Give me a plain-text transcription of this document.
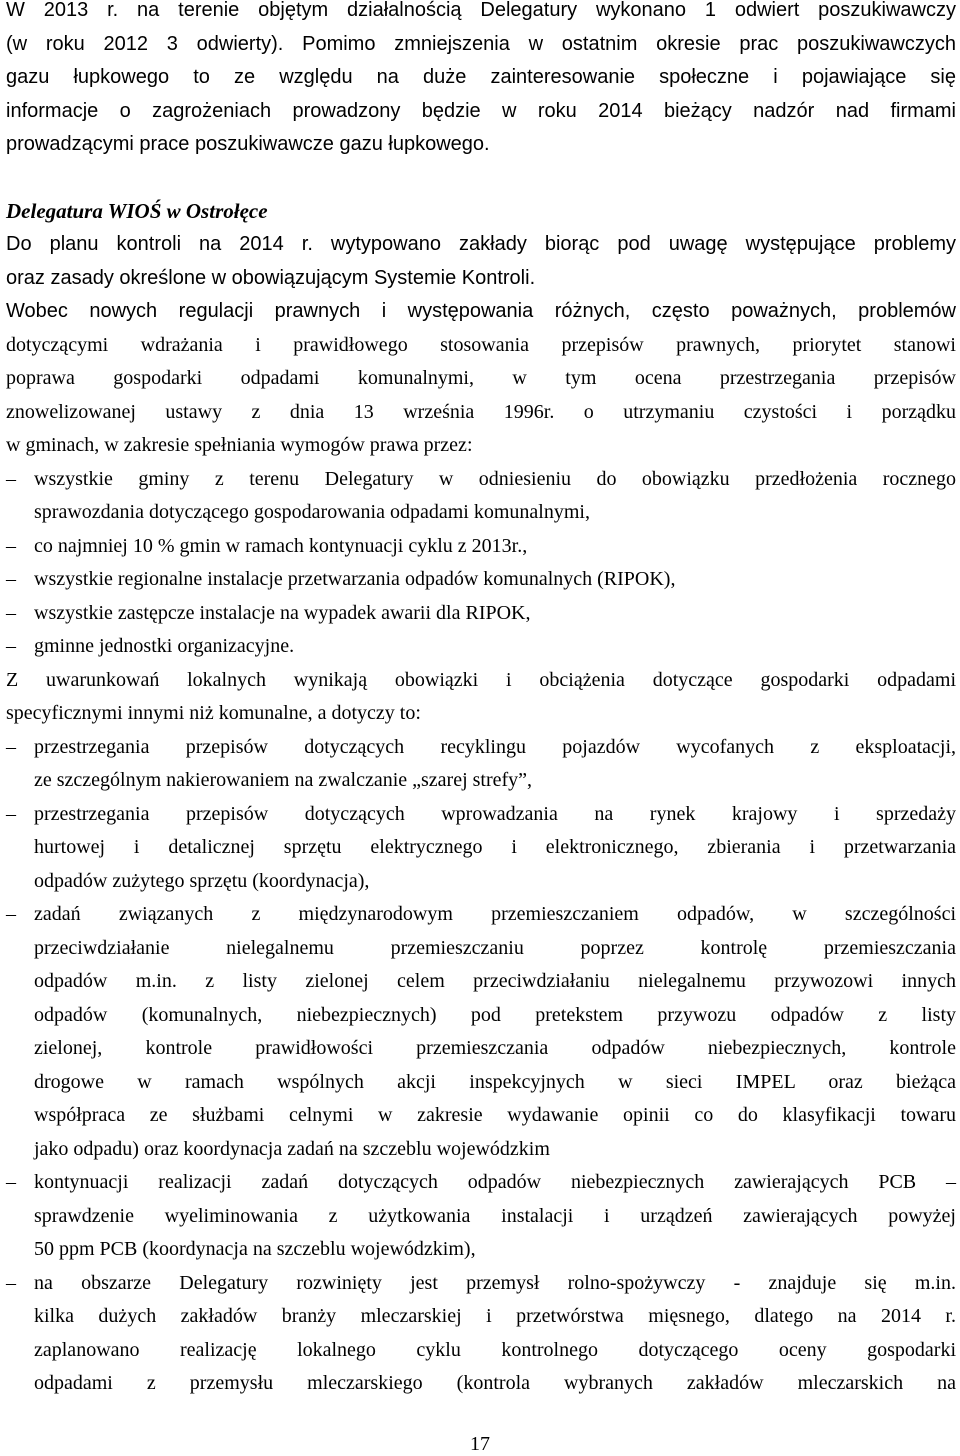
W 2013 r. na terenie objętym działalnością Delegatury wykonano 1 odwiert poszukiwawczy
(w roku 2012 3 odwierty). Pomimo zmniejszenia w ostatnim okresie prac poszukiwawczych
gazu łupkowego to ze względu na duże zainteresowanie społeczne i pojawiające się
informacje o zagrożeniach prowadzony będzie w roku 2014 bieżący nadzór nad firmami
prowadzącymi prace poszukiwawcze gazu łupkowego.
Delegatura WIOŚ w Ostrołęce
Do planu kontroli na 2014 r. wytypowano zakłady biorąc pod uwagę występujące problemy
oraz zasady określone w obowiązującym Systemie Kontroli.
Wobec nowych regulacji prawnych i występowania różnych, często poważnych, problemów
dotyczącymi wdrażania i prawidłowego stosowania przepisów prawnych, priorytet stanowi
poprawa gospodarki odpadami komunalnymi, w tym ocena przestrzegania przepisów
znowelizowanej ustawy z dnia 13 września 1996r. o utrzymaniu czystości i porządku
w gminach, w zakresie spełniania wymogów prawa przez:
– wszystkie gminy z terenu Delegatury w odniesieniu do obowiązku przedłożenia rocznego
sprawozdania dotyczącego gospodarowania odpadami komunalnymi,
– co najmniej 10 % gmin w ramach kontynuacji cyklu z 2013r.,
– wszystkie regionalne instalacje przetwarzania odpadów komunalnych (RIPOK),
– wszystkie zastępcze instalacje na wypadek awarii dla RIPOK,
– gminne jednostki organizacyjne.
Z uwarunkowań lokalnych wynikają obowiązki i obciążenia dotyczące gospodarki odpadami
specyficznymi innymi niż komunalne, a dotyczy to:
– przestrzegania przepisów dotyczących recyklingu pojazdów wycofanych z eksploatacji,
ze szczególnym nakierowaniem na zwalczanie „szarej strefy”,
– przestrzegania przepisów dotyczących wprowadzania na rynek krajowy i sprzedaży
hurtowej i detalicznej sprzętu elektrycznego i elektronicznego, zbierania i przetwarzania
odpadów zużytego sprzętu (koordynacja),
– zadań związanych z międzynarodowym przemieszczaniem odpadów, w szczególności
przeciwdziałanie nielegalnemu przemieszczaniu poprzez kontrolę przemieszczania
odpadów m.in. z listy zielonej celem przeciwdziałaniu nielegalnemu przywozowi innych
odpadów (komunalnych, niebezpiecznych) pod pretekstem przywozu odpadów z listy
zielonej, kontrole prawidłowości przemieszczania odpadów niebezpiecznych, kontrole
drogowe w ramach wspólnych akcji inspekcyjnych w sieci IMPEL oraz bieżąca
współpraca ze służbami celnymi w zakresie wydawanie opinii co do klasyfikacji towaru
jako odpadu) oraz koordynacja zadań na szczeblu wojewódzkim
– kontynuacji realizacji zadań dotyczących odpadów niebezpiecznych zawierających PCB –
sprawdzenie wyeliminowania z użytkowania instalacji i urządzeń zawierających powyżej
50 ppm PCB (koordynacja na szczeblu wojewódzkim),
– na obszarze Delegatury rozwinięty jest przemysł rolno-spożywczy - znajduje się m.in.
kilka dużych zakładów branży mleczarskiej i przetwórstwa mięsnego, dlatego na 2014 r.
zaplanowano realizację lokalnego cyklu kontrolnego dotyczącego oceny gospodarki
odpadami z przemysłu mleczarskiego (kontrola wybranych zakładów mleczarskich na
17
